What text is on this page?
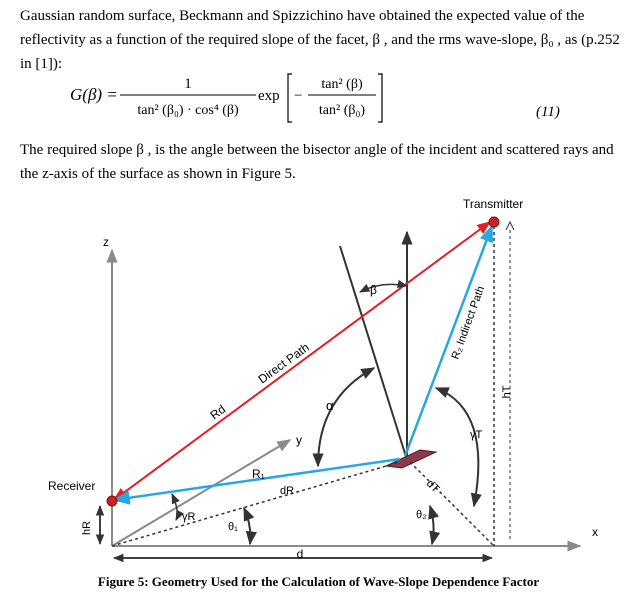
Gaussian random surface, Beckmann and Spizzichino have obtained the expected value of the reflectivity as a function of the required slope of the facet, β , and the rms wave-slope, β₀ , as (p.252 in [1]):
G(β) =
1
tan² (β₀) · cos⁴ (β)
exp −
tan² (β)
tan² (β₀)	(11)
The required slope β , is the angle between the bisector angle of the incident and scattered rays and the z-axis of the surface as shown in Figure 5.
z
x
y
Direct Path
Rd
R₂ Indirect Path
R₁
dR	dT
Transmitter
Receiver
hT
hR
d
β
α
γT
γR
θ₁
θ₂
Figure 5: Geometry Used for the Calculation of Wave-Slope Dependence Factor
